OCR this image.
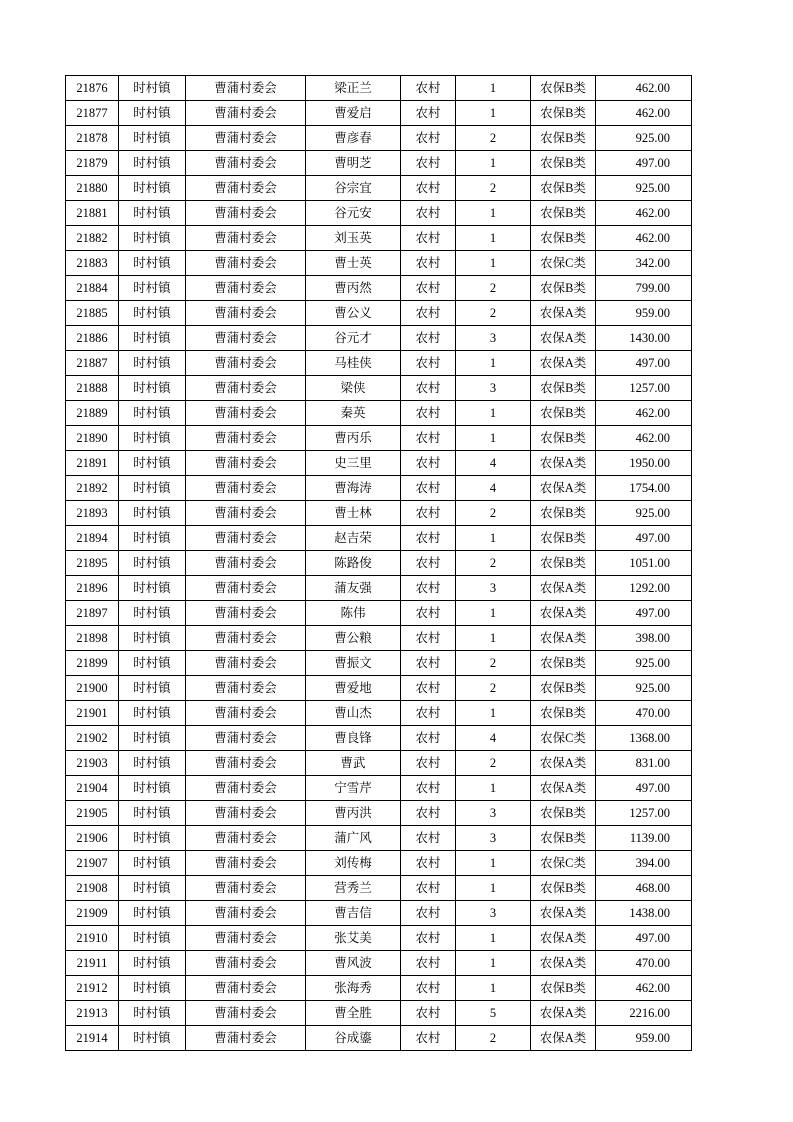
21876	时村镇	曹蒲村委会	梁正兰	农村	1	农保B类	462.00
21877	时村镇	曹蒲村委会	曹爱启	农村	1	农保B类	462.00
21878	时村镇	曹蒲村委会	曹彦春	农村	2	农保B类	925.00
21879	时村镇	曹蒲村委会	曹明芝	农村	1	农保B类	497.00
21880	时村镇	曹蒲村委会	谷宗宜	农村	2	农保B类	925.00
21881	时村镇	曹蒲村委会	谷元安	农村	1	农保B类	462.00
21882	时村镇	曹蒲村委会	刘玉英	农村	1	农保B类	462.00
21883	时村镇	曹蒲村委会	曹士英	农村	1	农保C类	342.00
21884	时村镇	曹蒲村委会	曹丙然	农村	2	农保B类	799.00
21885	时村镇	曹蒲村委会	曹公义	农村	2	农保A类	959.00
21886	时村镇	曹蒲村委会	谷元才	农村	3	农保A类	1430.00
21887	时村镇	曹蒲村委会	马桂侠	农村	1	农保A类	497.00
21888	时村镇	曹蒲村委会	梁侠	农村	3	农保B类	1257.00
21889	时村镇	曹蒲村委会	秦英	农村	1	农保B类	462.00
21890	时村镇	曹蒲村委会	曹丙乐	农村	1	农保B类	462.00
21891	时村镇	曹蒲村委会	史三里	农村	4	农保A类	1950.00
21892	时村镇	曹蒲村委会	曹海涛	农村	4	农保A类	1754.00
21893	时村镇	曹蒲村委会	曹士林	农村	2	农保B类	925.00
21894	时村镇	曹蒲村委会	赵吉荣	农村	1	农保B类	497.00
21895	时村镇	曹蒲村委会	陈路俊	农村	2	农保B类	1051.00
21896	时村镇	曹蒲村委会	蒲友强	农村	3	农保A类	1292.00
21897	时村镇	曹蒲村委会	陈伟	农村	1	农保A类	497.00
21898	时村镇	曹蒲村委会	曹公粮	农村	1	农保A类	398.00
21899	时村镇	曹蒲村委会	曹振文	农村	2	农保B类	925.00
21900	时村镇	曹蒲村委会	曹爱地	农村	2	农保B类	925.00
21901	时村镇	曹蒲村委会	曹山杰	农村	1	农保B类	470.00
21902	时村镇	曹蒲村委会	曹良锋	农村	4	农保C类	1368.00
21903	时村镇	曹蒲村委会	曹武	农村	2	农保A类	831.00
21904	时村镇	曹蒲村委会	宁雪芹	农村	1	农保A类	497.00
21905	时村镇	曹蒲村委会	曹丙洪	农村	3	农保B类	1257.00
21906	时村镇	曹蒲村委会	蒲广风	农村	3	农保B类	1139.00
21907	时村镇	曹蒲村委会	刘传梅	农村	1	农保C类	394.00
21908	时村镇	曹蒲村委会	营秀兰	农村	1	农保B类	468.00
21909	时村镇	曹蒲村委会	曹吉信	农村	3	农保A类	1438.00
21910	时村镇	曹蒲村委会	张艾美	农村	1	农保A类	497.00
21911	时村镇	曹蒲村委会	曹风波	农村	1	农保A类	470.00
21912	时村镇	曹蒲村委会	张海秀	农村	1	农保B类	462.00
21913	时村镇	曹蒲村委会	曹全胜	农村	5	农保A类	2216.00
21914	时村镇	曹蒲村委会	谷成鎏	农村	2	农保A类	959.00
